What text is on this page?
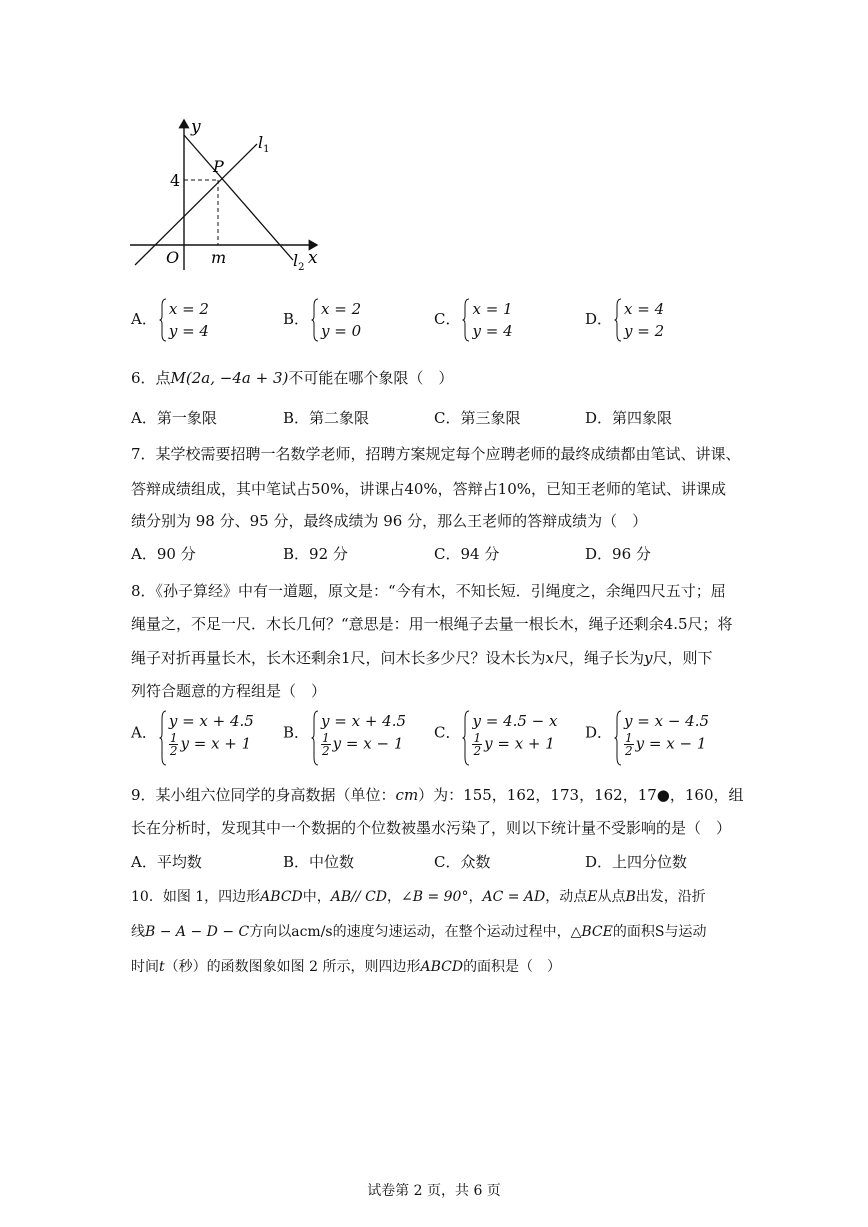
y
x
O
4
m
P
$l_1$
$l_2$
A．
x = 2
y = 4
B．
x = 2
y = 0
C．
x = 1
y = 4
D．
x = 4
y = 2
6．点M(2a, −4a + 3)不可能在哪个象限（　）
A．第一象限	B．第二象限	C．第三象限	D．第四象限
7．某学校需要招聘一名数学老师，招聘方案规定每个应聘老师的最终成绩都由笔试、讲课、
答辩成绩组成，其中笔试占50%，讲课占40%，答辩占10%，已知王老师的笔试、讲课成
绩分别为 98 分、95 分，最终成绩为 96 分，那么王老师的答辩成绩为（　）
A．90 分	B．92 分	C．94 分	D．96 分
8．《孙子算经》中有一道题，原文是：“今有木，不知长短．引绳度之，余绳四尺五寸；屈
绳量之，不足一尺．木长几何？“意思是：用一根绳子去量一根长木，绳子还剩余4.5尺；将
绳子对折再量长木，长木还剩余1尺，问木长多少尺？设木长为x尺，绳子长为y尺，则下
列符合题意的方程组是（　）
A．
y = x + 4.5
$\frac{1}{2}$ y = x + 1
B．
y = x + 4.5
$\frac{1}{2}$ y = x − 1
C．
y = 4.5 − x
$\frac{1}{2}$ y = x + 1
D．
y = x − 4.5
$\frac{1}{2}$ y = x − 1
9．某小组六位同学的身高数据（单位：cm）为：155，162，173，162，17●，160，组
长在分析时，发现其中一个数据的个位数被墨水污染了，则以下统计量不受影响的是（　）
A．平均数	B．中位数	C．众数	D．上四分位数
10．如图 1，四边形ABCD中，AB// CD，∠B = 90°，AC = AD，动点E从点B出发，沿折
线B − A − D − C方向以acm/s的速度匀速运动，在整个运动过程中，△BCE的面积S与运动
时间t（秒）的函数图象如图 2 所示，则四边形ABCD的面积是（　）
试卷第 2 页，共 6 页
